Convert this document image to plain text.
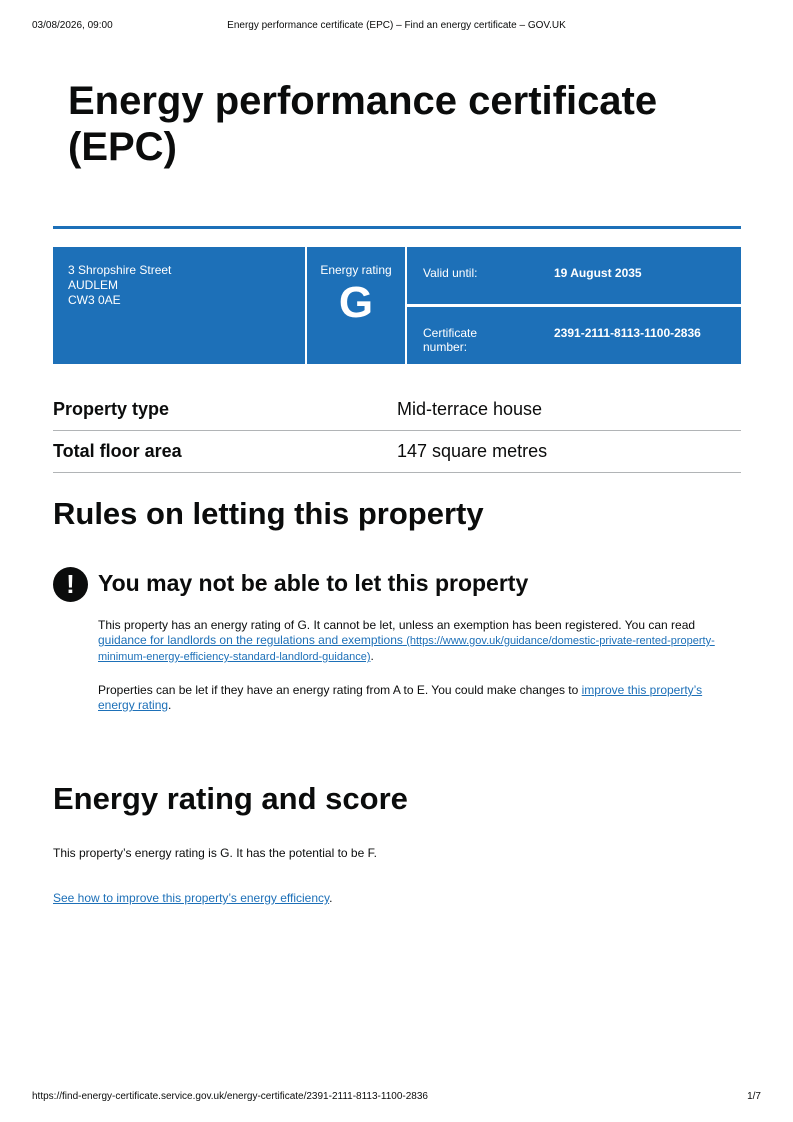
03/08/2026, 09:00	Energy performance certificate (EPC) – Find an energy certificate – GOV.UK
Energy performance certificate (EPC)
3 Shropshire Street
AUDLEM
CW3 0AE
Energy rating
G
Valid until:	19 August 2035
Certificate number:
2391-2111-8113-1100-2836
Property type	Mid-terrace house
Total floor area	147 square metres
Rules on letting this property
!	You may not be able to let this property

This property has an energy rating of G. It cannot be let, unless an exemption has been registered. You can read guidance for landlords on the regulations and exemptions (https://www.gov.uk/guidance/domestic-private-rented-property-minimum-energy-efficiency-standard-landlord-guidance).

Properties can be let if they have an energy rating from A to E. You could make changes to improve this property’s energy rating.

Energy rating and score

This property’s energy rating is G. It has the potential to be F.

See how to improve this property’s energy efficiency.

https://find-energy-certificate.service.gov.uk/energy-certificate/2391-2111-8113-1100-2836	1/7
